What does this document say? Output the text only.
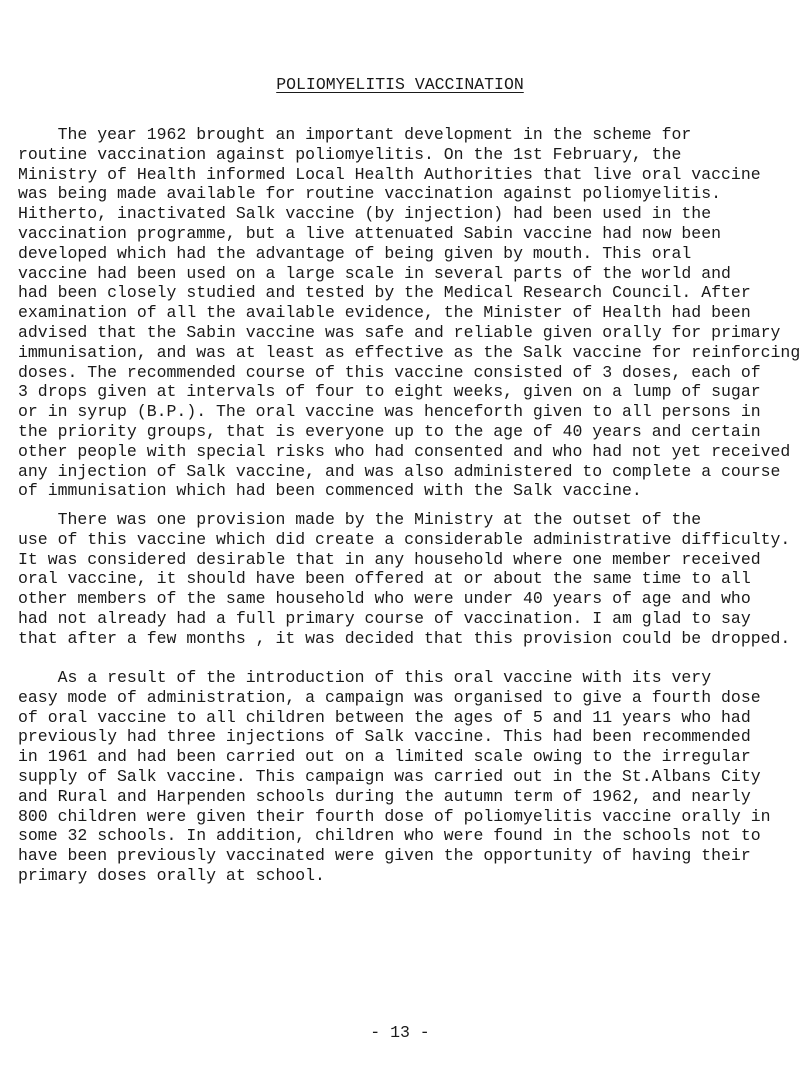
POLIOMYELITIS VACCINATION

The year 1962 brought an important development in the scheme for
routine vaccination against poliomyelitis. On the 1st February, the
Ministry of Health informed Local Health Authorities that live oral vaccine
was being made available for routine vaccination against poliomyelitis.
Hitherto, inactivated Salk vaccine (by injection) had been used in the
vaccination programme, but a live attenuated Sabin vaccine had now been
developed which had the advantage of being given by mouth. This oral
vaccine had been used on a large scale in several parts of the world and
had been closely studied and tested by the Medical Research Council. After
examination of all the available evidence, the Minister of Health had been
advised that the Sabin vaccine was safe and reliable given orally for primary
immunisation, and was at least as effective as the Salk vaccine for reinforcing
doses. The recommended course of this vaccine consisted of 3 doses, each of
3 drops given at intervals of four to eight weeks, given on a lump of sugar
or in syrup (B.P.). The oral vaccine was henceforth given to all persons in
the priority groups, that is everyone up to the age of 40 years and certain
other people with special risks who had consented and who had not yet received
any injection of Salk vaccine, and was also administered to complete a course
of immunisation which had been commenced with the Salk vaccine.

There was one provision made by the Ministry at the outset of the
use of this vaccine which did create a considerable administrative difficulty.
It was considered desirable that in any household where one member received
oral vaccine, it should have been offered at or about the same time to all
other members of the same household who were under 40 years of age and who
had not already had a full primary course of vaccination. I am glad to say
that after a few months , it was decided that this provision could be dropped.

As a result of the introduction of this oral vaccine with its very
easy mode of administration, a campaign was organised to give a fourth dose
of oral vaccine to all children between the ages of 5 and 11 years who had
previously had three injections of Salk vaccine. This had been recommended
in 1961 and had been carried out on a limited scale owing to the irregular
supply of Salk vaccine. This campaign was carried out in the St.Albans City
and Rural and Harpenden schools during the autumn term of 1962, and nearly
800 children were given their fourth dose of poliomyelitis vaccine orally in
some 32 schools. In addition, children who were found in the schools not to
have been previously vaccinated were given the opportunity of having their
primary doses orally at school.

- 13 -
